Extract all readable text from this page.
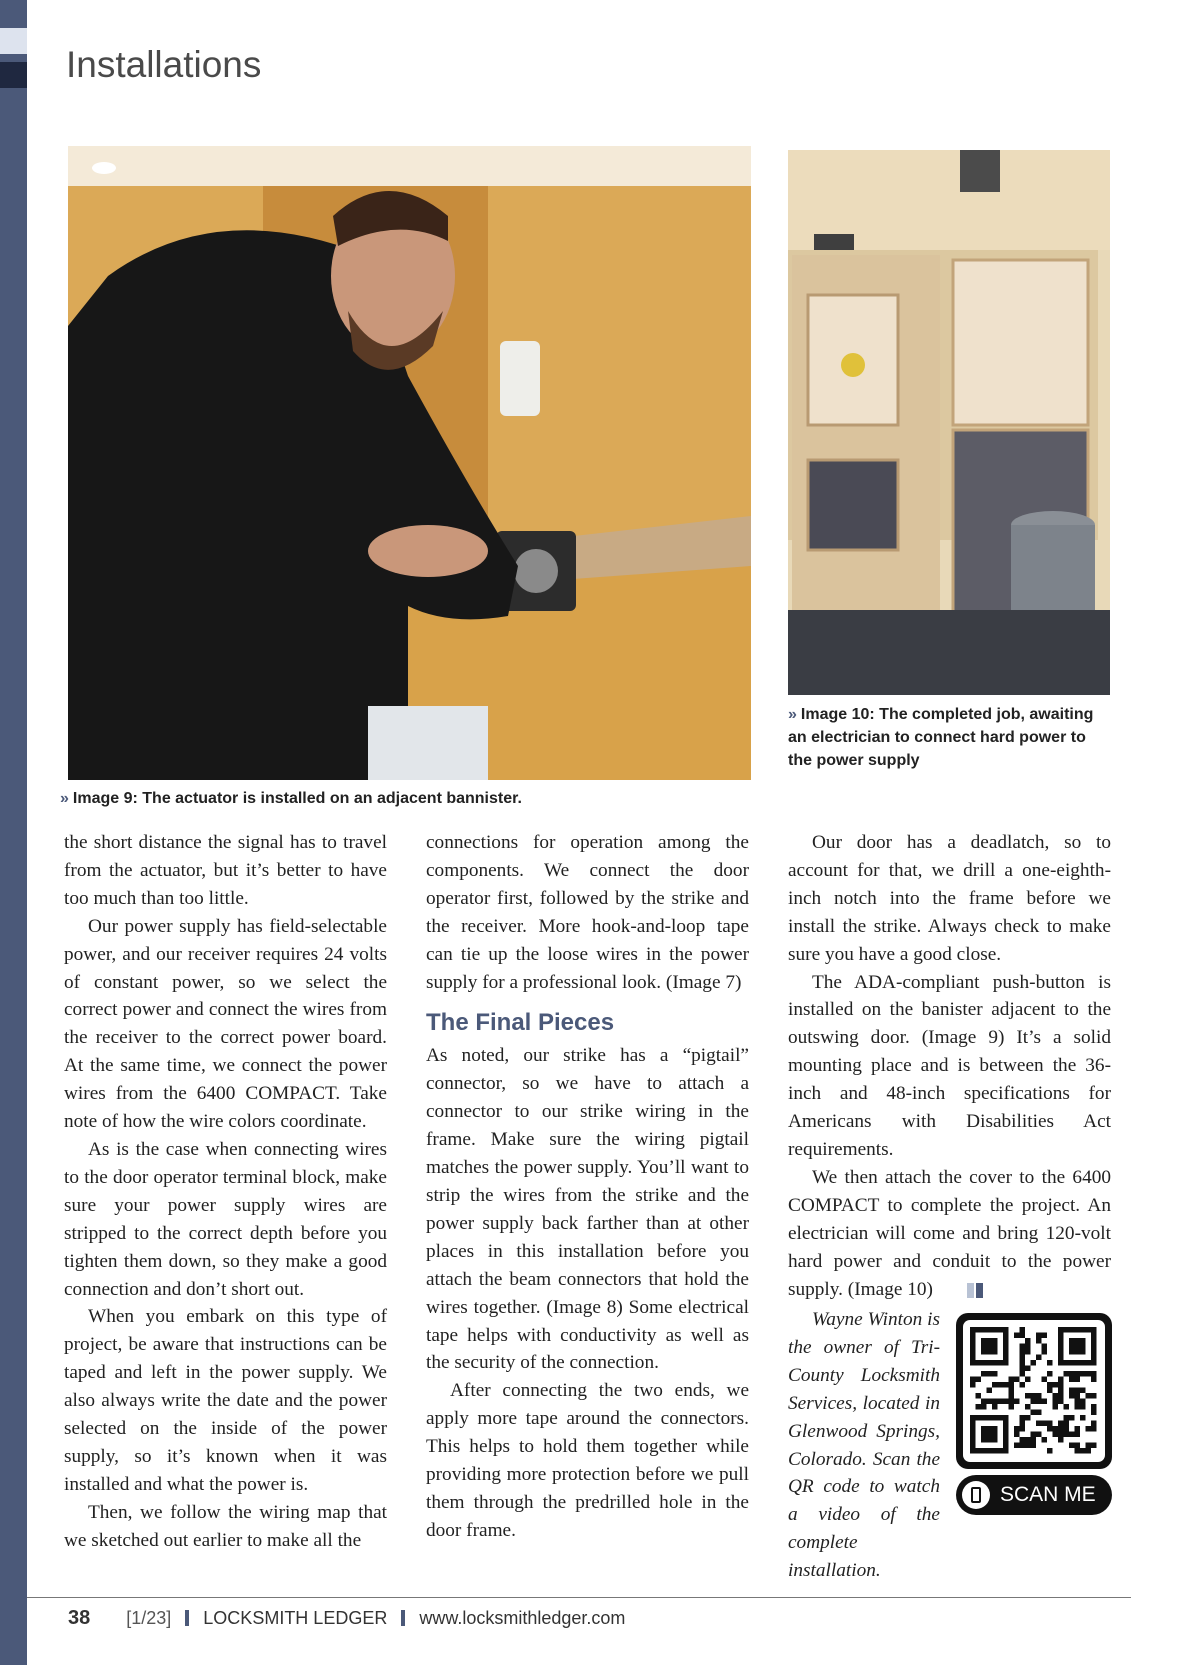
Installations

» Image 9: The actuator is installed on an adjacent bannister.

» Image 10: The completed job, awaiting an electrician to connect hard power to the power supply

the short distance the signal has to travel from the actuator, but it’s better to have too much than too little.

Our power supply has field-selectable power, and our receiver requires 24 volts of constant power, so we select the correct power and connect the wires from the receiver to the correct power board. At the same time, we connect the power wires from the 6400 COMPACT. Take note of how the wire colors coordinate.

As is the case when connecting wires to the door operator terminal block, make sure your power supply wires are stripped to the correct depth before you tighten them down, so they make a good connection and don’t short out.

When you embark on this type of project, be aware that instructions can be taped and left in the power supply. We also always write the date and the power selected on the inside of the power supply, so it’s known when it was installed and what the power is.

Then, we follow the wiring map that we sketched out earlier to make all the

connections for operation among the components. We connect the door operator first, followed by the strike and the receiver. More hook-and-loop tape can tie up the loose wires in the power supply for a professional look. (Image 7)

The Final Pieces

As noted, our strike has a “pigtail” connector, so we have to attach a connector to our strike wiring in the frame. Make sure the wiring pigtail matches the power supply. You’ll want to strip the wires from the strike and the power supply back farther than at other places in this installation before you attach the beam connectors that hold the wires together. (Image 8) Some electrical tape helps with conductivity as well as the security of the connection.

After connecting the two ends, we apply more tape around the connectors. This helps to hold them together while providing more protection before we pull them through the predrilled hole in the door frame.

Our door has a deadlatch, so to account for that, we drill a one-eighth-inch notch into the frame before we install the strike. Always check to make sure you have a good close.

The ADA-compliant push-button is installed on the banister adjacent to the outswing door. (Image 9) It’s a solid mounting place and is between the 36-inch and 48-inch specifications for Americans with Disabilities Act requirements.

We then attach the cover to the 6400 COMPACT to complete the project. An electrician will come and bring 120-volt hard power and conduit to the power supply. (Image 10)

Wayne Winton is the owner of Tri-County Locksmith Services, located in Glenwood Springs, Colorado. Scan the QR code to watch a video of the complete installation.

SCAN ME
38 [1/23] LOCKSMITH LEDGER www.locksmithledger.com
